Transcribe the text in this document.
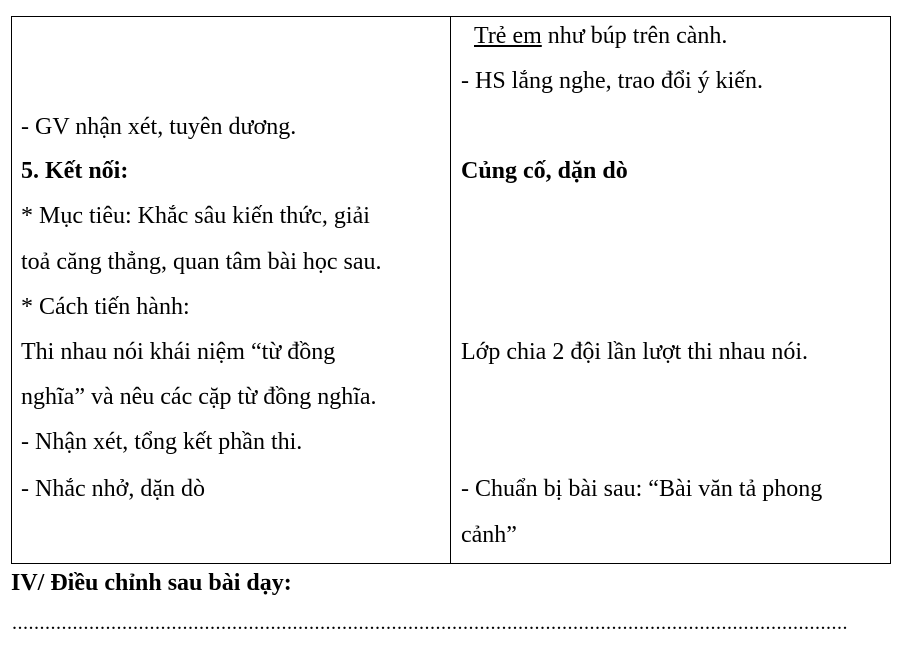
- GV nhận xét, tuyên dương.
5. Kết nối:
* Mục tiêu: Khắc sâu kiến thức, giải
toả căng thẳng, quan tâm bài học sau.
* Cách tiến hành:
Thi nhau nói khái niệm “từ đồng
nghĩa” và nêu các cặp từ đồng nghĩa.
- Nhận xét, tổng kết phần thi.
- Nhắc nhở, dặn dò
Trẻ em như búp trên cành.
- HS lắng nghe, trao đổi ý kiến.
Củng cố, dặn dò
Lớp chia 2 đội lần lượt thi nhau nói.
- Chuẩn bị bài sau: “Bài văn tả phong
cảnh”
IV/ Điều chỉnh sau bài dạy:
........................................................................................................................................................
